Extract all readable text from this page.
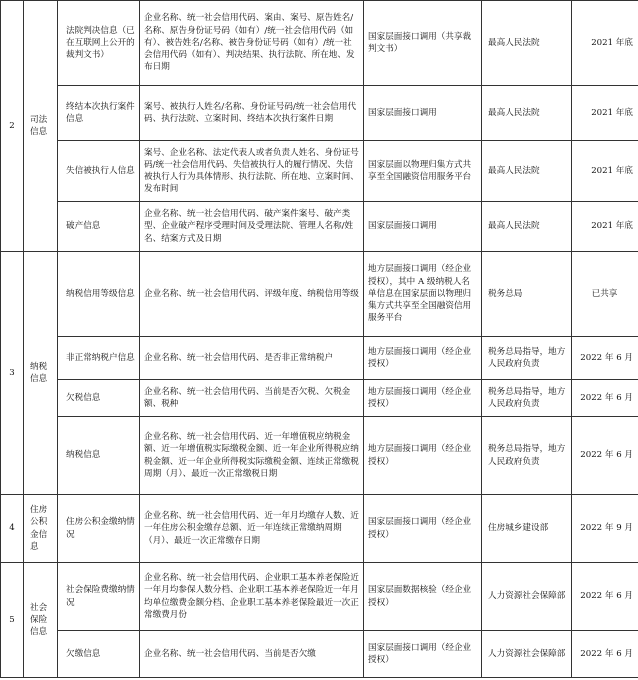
2	司法信息	法院判决信息（已在互联网上公开的裁判文书）	企业名称、统一社会信用代码、案由、案号、原告姓名/名称、原告身份证号码（如有）/统一社会信用代码（如有）、被告姓名/名称、被告身份证号码（如有）/统一社会信用代码（如有）、判决结果、执行法院、所在地、发布日期	国家层面接口调用（共享裁判文书）	最高人民法院	2021 年底
		终结本次执行案件信息	案号、被执行人姓名/名称、身份证号码/统一社会信用代码、执行法院、立案时间、终结本次执行案件日期	国家层面接口调用	最高人民法院	2021 年底
		失信被执行人信息	案号、企业名称、法定代表人或者负责人姓名、身份证号码/统一社会信用代码、失信被执行人的履行情况、失信被执行人行为具体情形、执行法院、所在地、立案时间、发布时间	国家层面以物理归集方式共享至全国融资信用服务平台	最高人民法院	2021 年底
		破产信息	企业名称、统一社会信用代码、破产案件案号、破产类型、企业破产程序受理时间及受理法院、管理人名称/姓名、结案方式及日期	国家层面接口调用	最高人民法院	2021 年底
3	纳税信息	纳税信用等级信息	企业名称、统一社会信用代码、评级年度、纳税信用等级	地方层面接口调用（经企业授权），其中 A 级纳税人名单信息在国家层面以物理归集方式共享至全国融资信用服务平台	税务总局	已共享
		非正常纳税户信息	企业名称、统一社会信用代码、是否非正常纳税户	地方层面接口调用（经企业授权）	税务总局指导，地方人民政府负责	2022 年 6 月
		欠税信息	企业名称、统一社会信用代码、当前是否欠税、欠税金额、税种	地方层面接口调用（经企业授权）	税务总局指导，地方人民政府负责	2022 年 6 月
		纳税信息	企业名称、统一社会信用代码、近一年增值税应纳税金额、近一年增值税实际缴税金额、近一年企业所得税应纳税金额、近一年企业所得税实际缴税金额、连续正常缴税周期（月）、最近一次正常缴税日期	地方层面接口调用（经企业授权）	税务总局指导，地方人民政府负责	2022 年 6 月
4	住房公积金信息	住房公积金缴纳情况	企业名称、统一社会信用代码、近一年月均缴存人数、近一年住房公积金缴存总额、近一年连续正常缴纳周期（月）、最近一次正常缴存日期	国家层面接口调用（经企业授权）	住房城乡建设部	2022 年 9 月
5	社会保险信息	社会保险费缴纳情况	企业名称、统一社会信用代码、企业职工基本养老保险近一年月均参保人数分档、企业职工基本养老保险近一年月均单位缴费金额分档、企业职工基本养老保险最近一次正常缴费月份	国家层面数据核验（经企业授权）	人力资源社会保障部	2022 年 6 月
		欠缴信息	企业名称、统一社会信用代码、当前是否欠缴	国家层面接口调用（经企业授权）	人力资源社会保障部	2022 年 6 月
